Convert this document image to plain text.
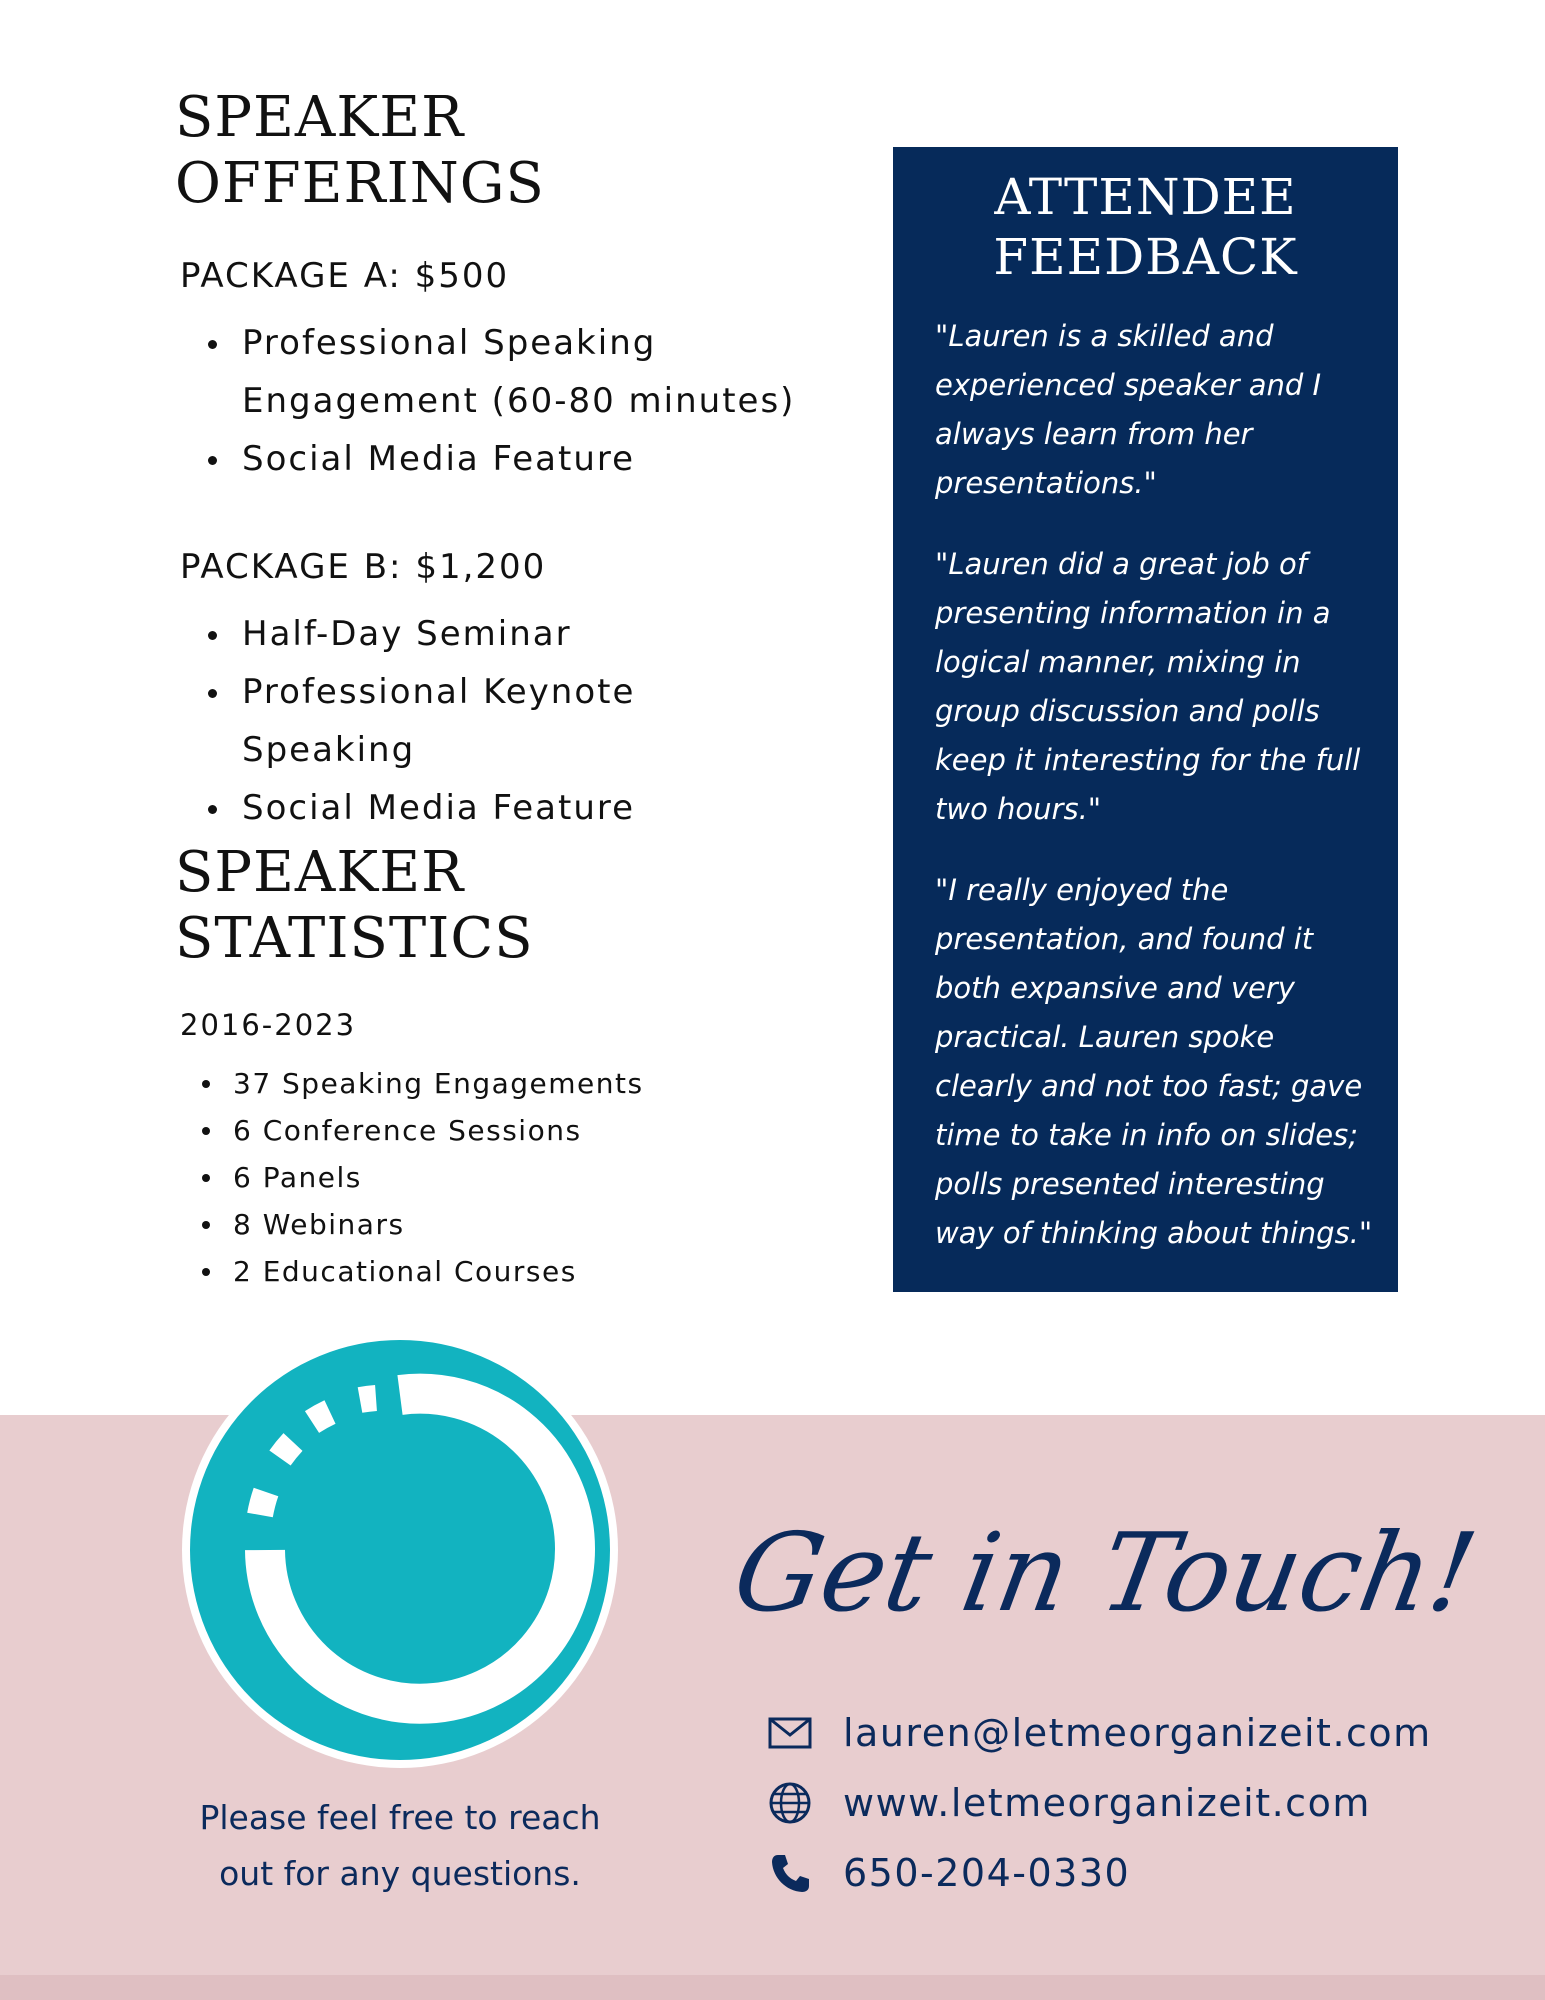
SPEAKER
OFFERINGS

PACKAGE A: $500

Professional Speaking Engagement (60-80 minutes)
Social Media Feature

PACKAGE B: $1,200

Half-Day Seminar
Professional Keynote Speaking
Social Media Feature
SPEAKER
STATISTICS

2016-2023

37 Speaking Engagements
6 Conference Sessions
6 Panels
8 Webinars
2 Educational Courses
ATTENDEE
FEEDBACK

"Lauren is a skilled and experienced speaker and I always learn from her presentations."

"Lauren did a great job of presenting information in a logical manner, mixing in group discussion and polls keep it interesting for the full two hours."

"I really enjoyed the presentation, and found it both expansive and very practical. Lauren spoke clearly and not too fast; gave time to take in info on slides; polls presented interesting way of thinking about things."

Please feel free to reach out for any questions.

Get in Touch!
lauren@letmeorganizeit.com
www.letmeorganizeit.com
650-204-0330
